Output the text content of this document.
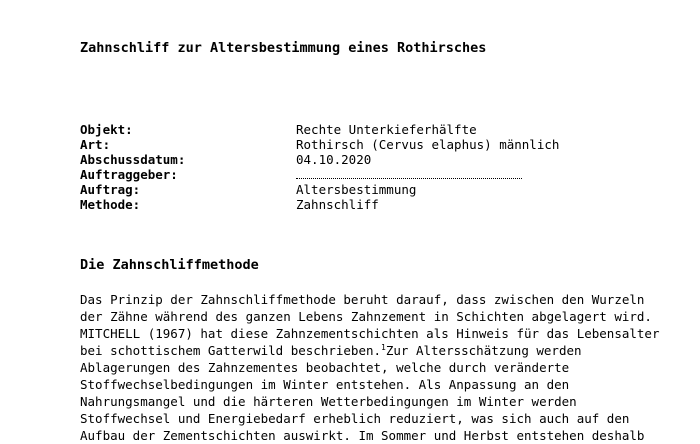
Zahnschliff zur Altersbestimmung eines Rothirsches
Objekt:	Rechte Unterkieferhälfte
Art:	Rothirsch (Cervus elaphus) männlich
Abschussdatum:	04.10.2020
Auftraggeber:
Auftrag:	Altersbestimmung
Methode:	Zahnschliff
Die Zahnschliffmethode
Das Prinzip der Zahnschliffmethode beruht darauf, dass zwischen den Wurzeln
der Zähne während des ganzen Lebens Zahnzement in Schichten abgelagert wird.
MITCHELL (1967) hat diese Zahnzementschichten als Hinweis für das Lebensalter
bei schottischem Gatterwild beschrieben.$^1$Zur Altersschätzung werden
Ablagerungen des Zahnzementes beobachtet, welche durch veränderte
Stoffwechselbedingungen im Winter entstehen. Als Anpassung an den
Nahrungsmangel und die härteren Wetterbedingungen im Winter werden
Stoffwechsel und Energiebedarf erheblich reduziert, was sich auch auf den
Aufbau der Zementschichten auswirkt. Im Sommer und Herbst entstehen deshalb
